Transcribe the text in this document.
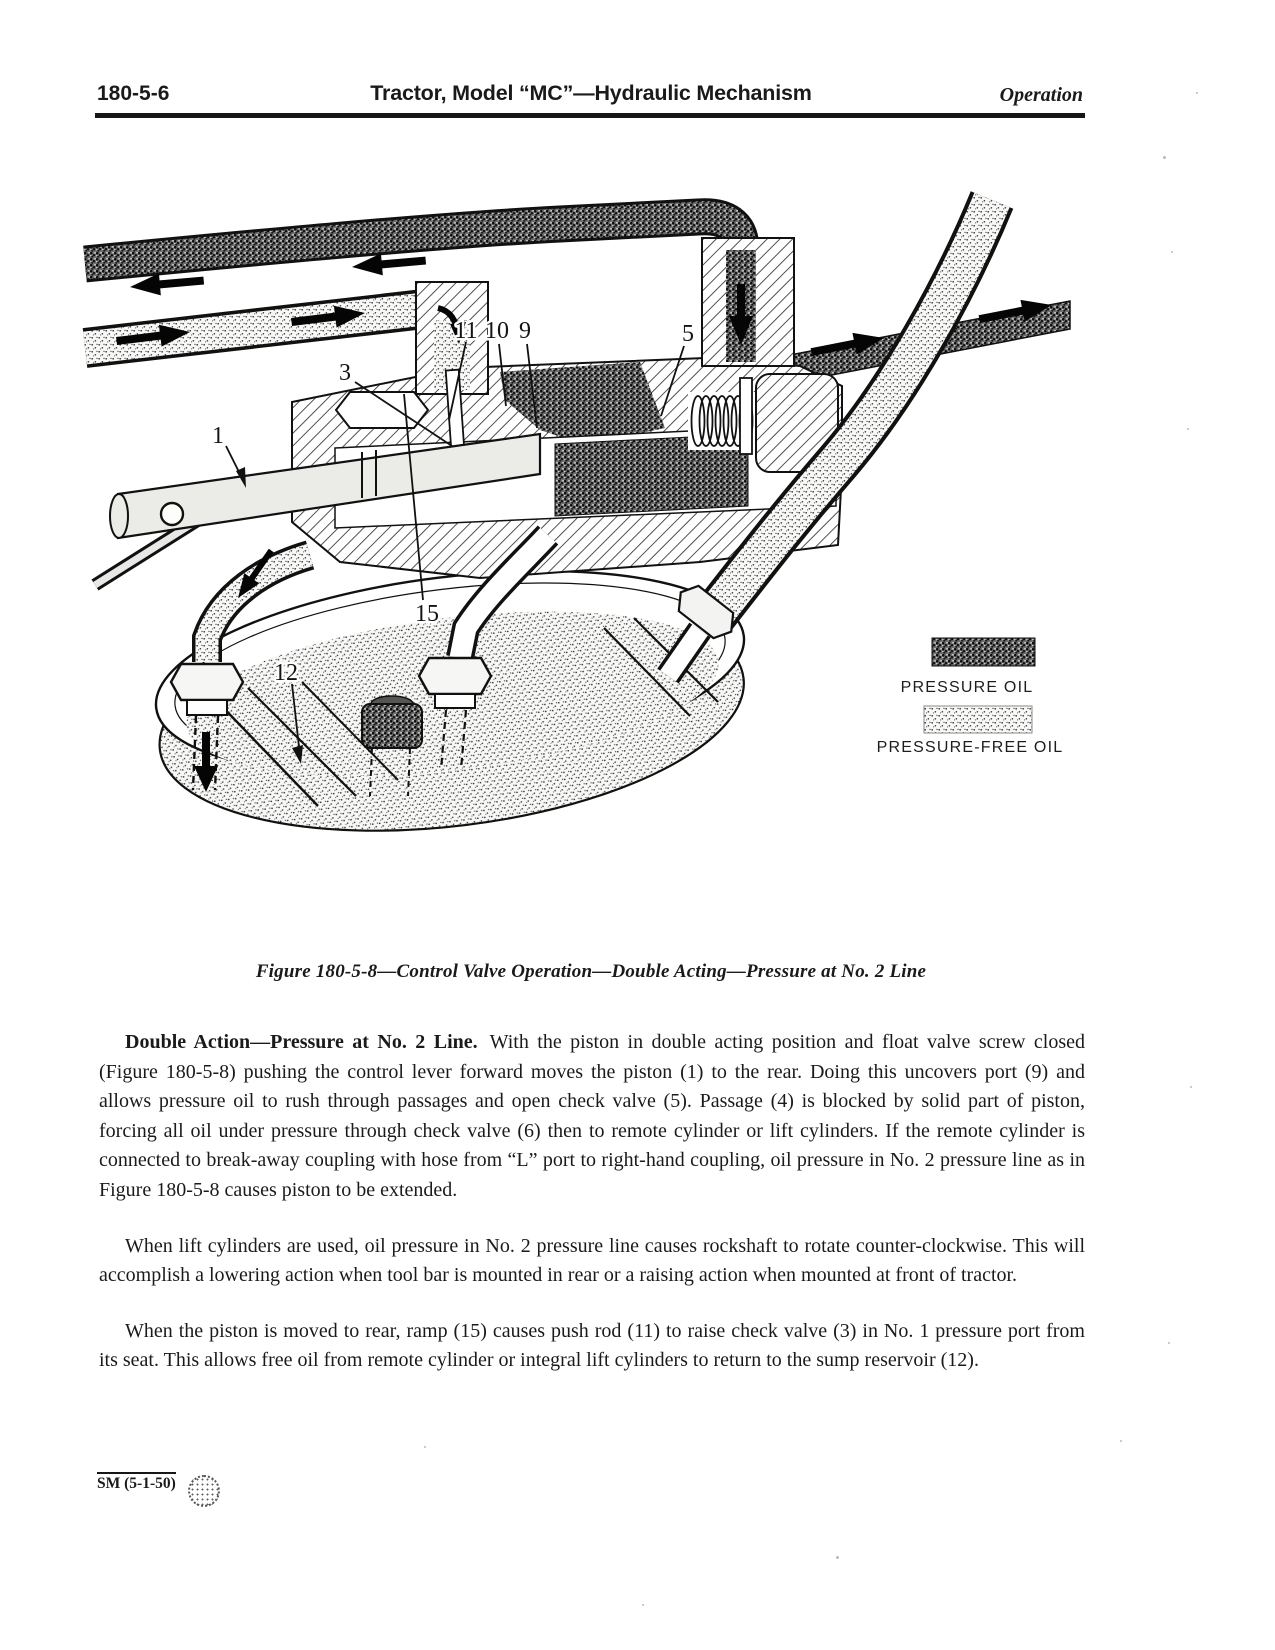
180-5-6	Tractor, Model “MC”—Hydraulic Mechanism	Operation
1
3
11 10 9	5
15
12
PRESSURE OIL
PRESSURE-FREE OIL
Figure 180-5-8—Control Valve Operation—Double Acting—Pressure at No. 2 Line

Double Action—Pressure at No. 2 Line. With the piston in double acting position and float valve screw closed (Figure 180-5-8) pushing the control lever forward moves the piston (1) to the rear. Doing this uncovers port (9) and allows pressure oil to rush through passages and open check valve (5). Passage (4) is blocked by solid part of piston, forcing all oil under pressure through check valve (6) then to remote cylinder or lift cylinders. If the remote cylinder is connected to break-away coupling with hose from “L” port to right-hand coupling, oil pressure in No. 2 pressure line as in Figure 180-5-8 causes piston to be extended.

When lift cylinders are used, oil pressure in No. 2 pressure line causes rockshaft to rotate counter-clockwise. This will accomplish a lowering action when tool bar is mounted in rear or a raising action when mounted at front of tractor.

When the piston is moved to rear, ramp (15) causes push rod (11) to raise check valve (3) in No. 1 pressure port from its seat. This allows free oil from remote cylinder or integral lift cylinders to return to the sump reservoir (12).

SM (5-1-50)
